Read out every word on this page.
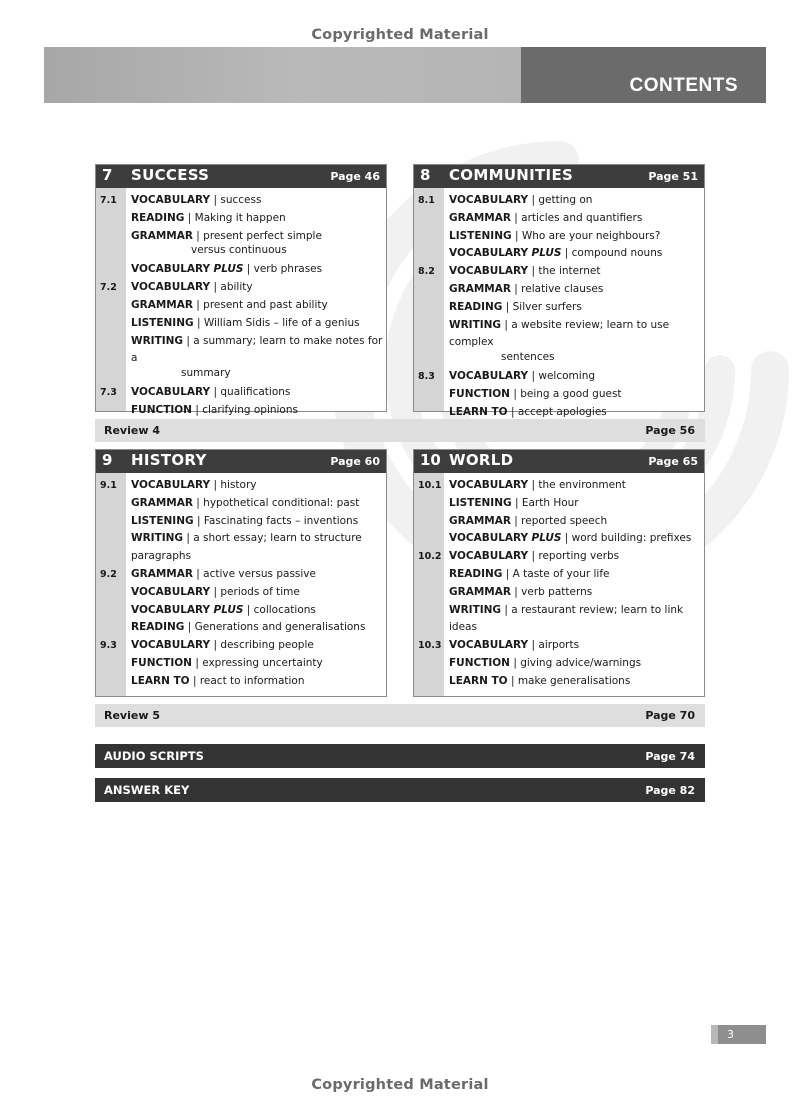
Copyrighted Material
CONTENTS
7 SUCCESS	Page 46
7.1 VOCABULARY | success
READING | Making it happen
GRAMMAR | present perfect simple
versus continuous
VOCABULARY PLUS | verb phrases
7.2 VOCABULARY | ability
GRAMMAR | present and past ability
LISTENING | William Sidis – life of a genius
WRITING | a summary; learn to make notes for a
summary
7.3 VOCABULARY | qualifications
FUNCTION | clarifying opinions
8 COMMUNITIES	Page 51
8.1 VOCABULARY | getting on
GRAMMAR | articles and quantifiers
LISTENING | Who are your neighbours?
VOCABULARY PLUS | compound nouns
8.2 VOCABULARY | the internet
GRAMMAR | relative clauses
READING | Silver surfers
WRITING | a website review; learn to use complex
sentences
8.3 VOCABULARY | welcoming
FUNCTION | being a good guest
LEARN TO | accept apologies
Review 4	Page 56
9 HISTORY	Page 60
9.1 VOCABULARY | history
GRAMMAR | hypothetical conditional: past
LISTENING | Fascinating facts – inventions
WRITING | a short essay; learn to structure paragraphs
9.2 GRAMMAR | active versus passive
VOCABULARY | periods of time
VOCABULARY PLUS | collocations
READING | Generations and generalisations
9.3 VOCABULARY | describing people
FUNCTION | expressing uncertainty
LEARN TO | react to information
10 WORLD	Page 65
10.1 VOCABULARY | the environment
LISTENING | Earth Hour
GRAMMAR | reported speech
VOCABULARY PLUS | word building: prefixes
10.2 VOCABULARY | reporting verbs
READING | A taste of your life
GRAMMAR | verb patterns
WRITING | a restaurant review; learn to link ideas
10.3 VOCABULARY | airports
FUNCTION | giving advice/warnings
LEARN TO | make generalisations
Review 5	Page 70
AUDIO SCRIPTS	Page 74
ANSWER KEY	Page 82
3
Copyrighted Material
